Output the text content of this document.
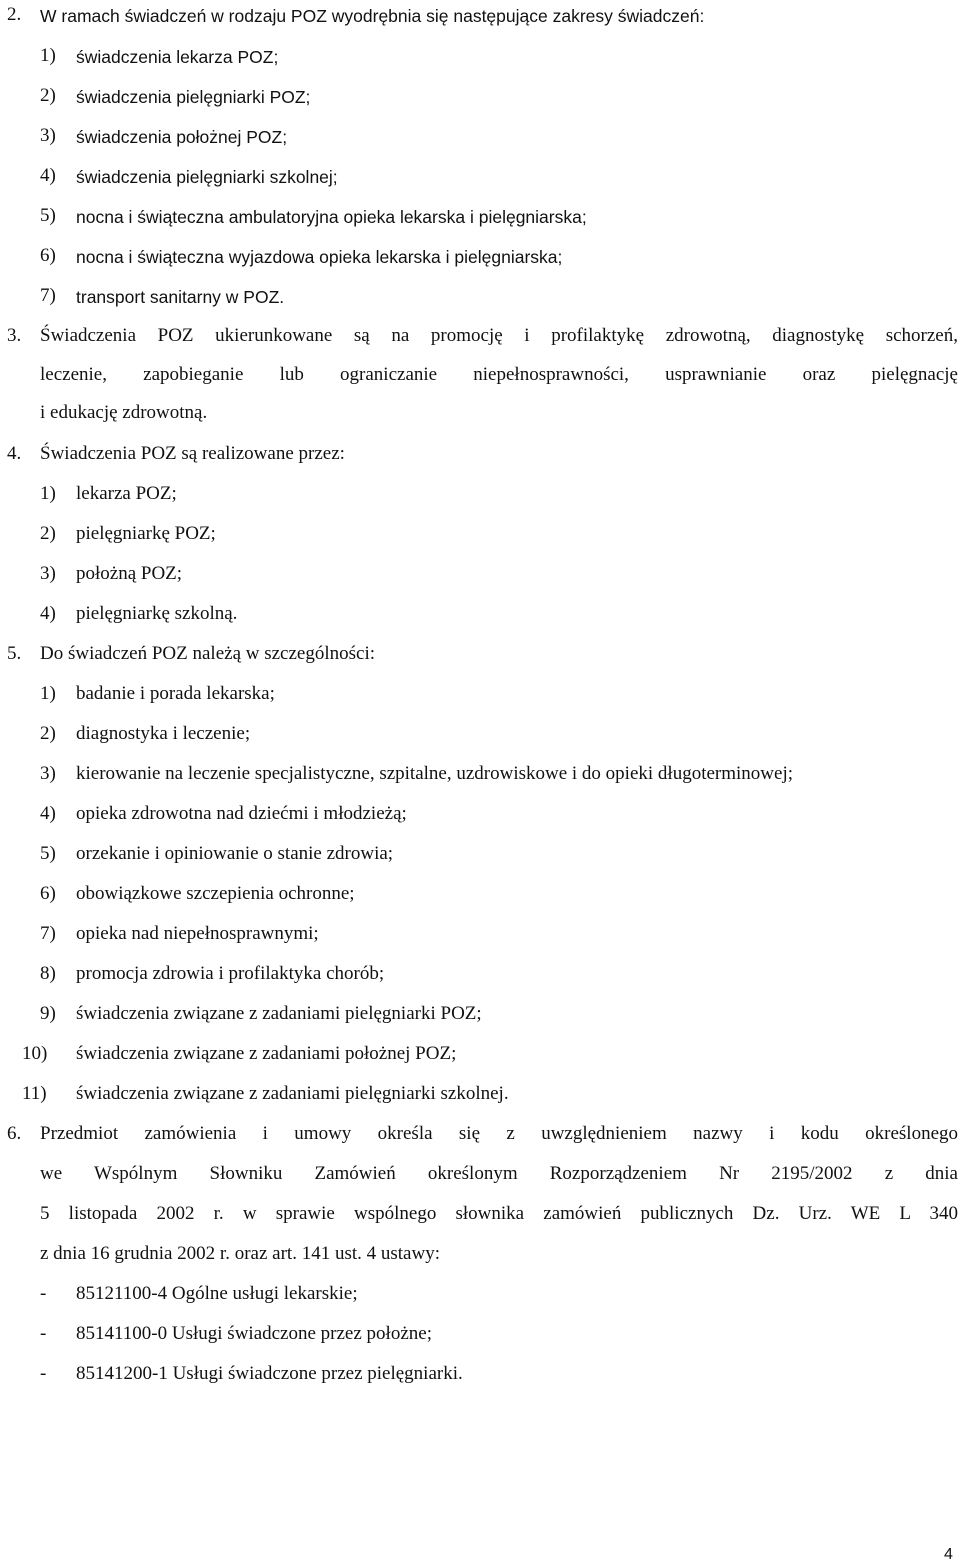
2. W ramach świadczeń w rodzaju POZ wyodrębnia się następujące zakresy świadczeń:
1) świadczenia lekarza POZ;
2) świadczenia pielęgniarki POZ;
3) świadczenia położnej POZ;
4) świadczenia pielęgniarki szkolnej;
5) nocna i świąteczna ambulatoryjna opieka lekarska i pielęgniarska;
6) nocna i świąteczna wyjazdowa opieka lekarska i pielęgniarska;
7) transport sanitarny w POZ.
3. Świadczenia POZ ukierunkowane są na promocję i profilaktykę zdrowotną, diagnostykę schorzeń,
leczenie, zapobieganie lub ograniczanie niepełnosprawności, usprawnianie oraz pielęgnację
i edukację zdrowotną.
4. Świadczenia POZ są realizowane przez:
1) lekarza POZ;
2) pielęgniarkę POZ;
3) położną POZ;
4) pielęgniarkę szkolną.
5. Do świadczeń POZ należą w szczególności:
1) badanie i porada lekarska;
2) diagnostyka i leczenie;
3) kierowanie na leczenie specjalistyczne, szpitalne, uzdrowiskowe i do opieki długoterminowej;
4) opieka zdrowotna nad dziećmi i młodzieżą;
5) orzekanie i opiniowanie o stanie zdrowia;
6) obowiązkowe szczepienia ochronne;
7) opieka nad niepełnosprawnymi;
8) promocja zdrowia i profilaktyka chorób;
9) świadczenia związane z zadaniami pielęgniarki POZ;
10) świadczenia związane z zadaniami położnej POZ;
11) świadczenia związane z zadaniami pielęgniarki szkolnej.
6. Przedmiot zamówienia i umowy określa się z uwzględnieniem nazwy i kodu określonego
we Wspólnym Słowniku Zamówień określonym Rozporządzeniem Nr 2195/2002 z dnia
5 listopada 2002 r. w sprawie wspólnego słownika zamówień publicznych Dz. Urz. WE L 340
z dnia 16 grudnia 2002 r. oraz art. 141 ust. 4 ustawy:
- 85121100-4 Ogólne usługi lekarskie;
- 85141100-0 Usługi świadczone przez położne;
- 85141200-1 Usługi świadczone przez pielęgniarki.
4
